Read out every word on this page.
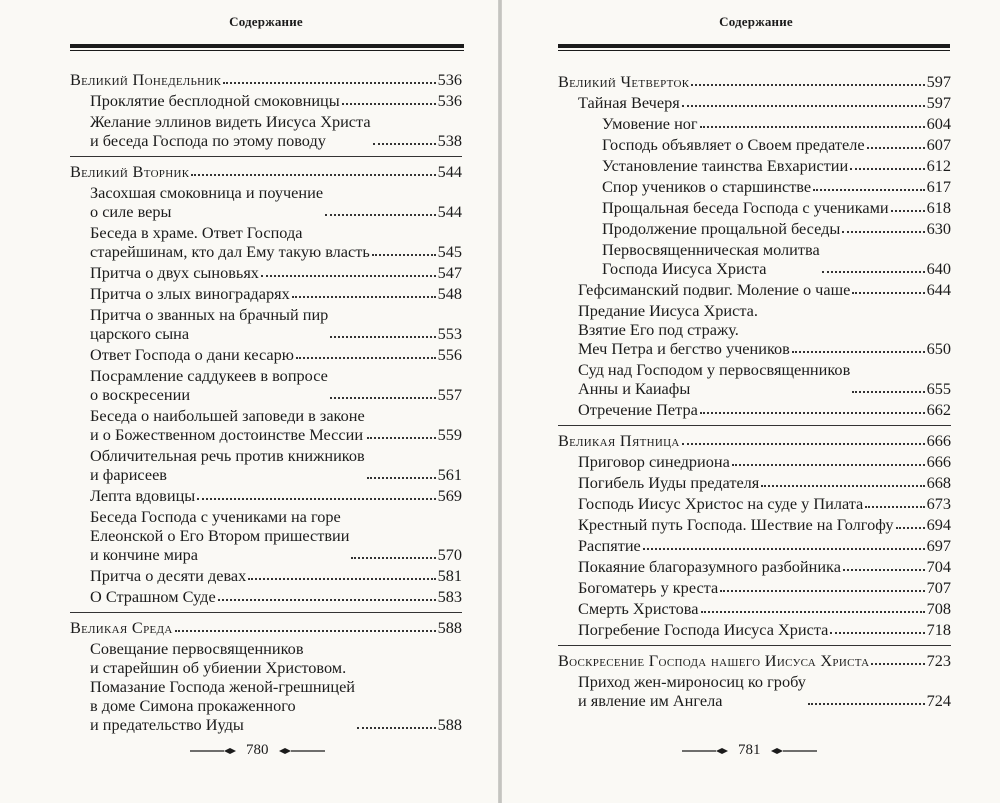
Содержание
Великий Понедельник	536
Проклятие бесплодной смоковницы	536
Желание эллинов видеть Иисуса Христа
и беседа Господа по этому поводу	538
Великий Вторник	544
Засохшая смоковница и поучение
о силе веры	544
Беседа в храме. Ответ Господа
старейшинам, кто дал Ему такую власть	545
Притча о двух сыновьях	547
Притча о злых виноградарях	548
Притча о званных на брачный пир
царского сына	553
Ответ Господа о дани кесарю	556
Посрамление саддукеев в вопросе
о воскресении	557
Беседа о наибольшей заповеди в законе
и о Божественном достоинстве Мессии	559
Обличительная речь против книжников
и фарисеев	561
Лепта вдовицы	569
Беседа Господа с учениками на горе
Елеонской о Его Втором пришествии
и кончине мира	570
Притча о десяти девах	581
О Страшном Суде	583
Великая Среда	588
Совещание первосвященников
и старейшин об убиении Христовом.
Помазание Господа женой-грешницей
в доме Симона прокаженного
и предательство Иуды	588
780
Содержание
Великий Четверток	597
Тайная Вечеря	597
Умовение ног	604
Господь объявляет о Своем предателе	607
Установление таинства Евхаристии	612
Спор учеников о старшинстве	617
Прощальная беседа Господа с учениками 618
Продолжение прощальной беседы	630
Первосвященническая молитва
Господа Иисуса Христа	640
Гефсиманский подвиг. Моление о чаше	644
Предание Иисуса Христа.
Взятие Его под стражу.
Меч Петра и бегство учеников	650
Суд над Господом у первосвященников
Анны и Каиафы	655
Отречение Петра	662
Великая Пятница	666
Приговор синедриона	666
Погибель Иуды предателя	668
Господь Иисус Христос на суде у Пилата	673
Крестный путь Господа. Шествие на Голгофу 694
Распятие	697
Покаяние благоразумного разбойника	704
Богоматерь у креста	707
Смерть Христова	708
Погребение Господа Иисуса Христа	718
Воскресение Господа нашего Иисуса Христа	723
Приход жен-мироносиц ко гробу
и явление им Ангела	724
781
